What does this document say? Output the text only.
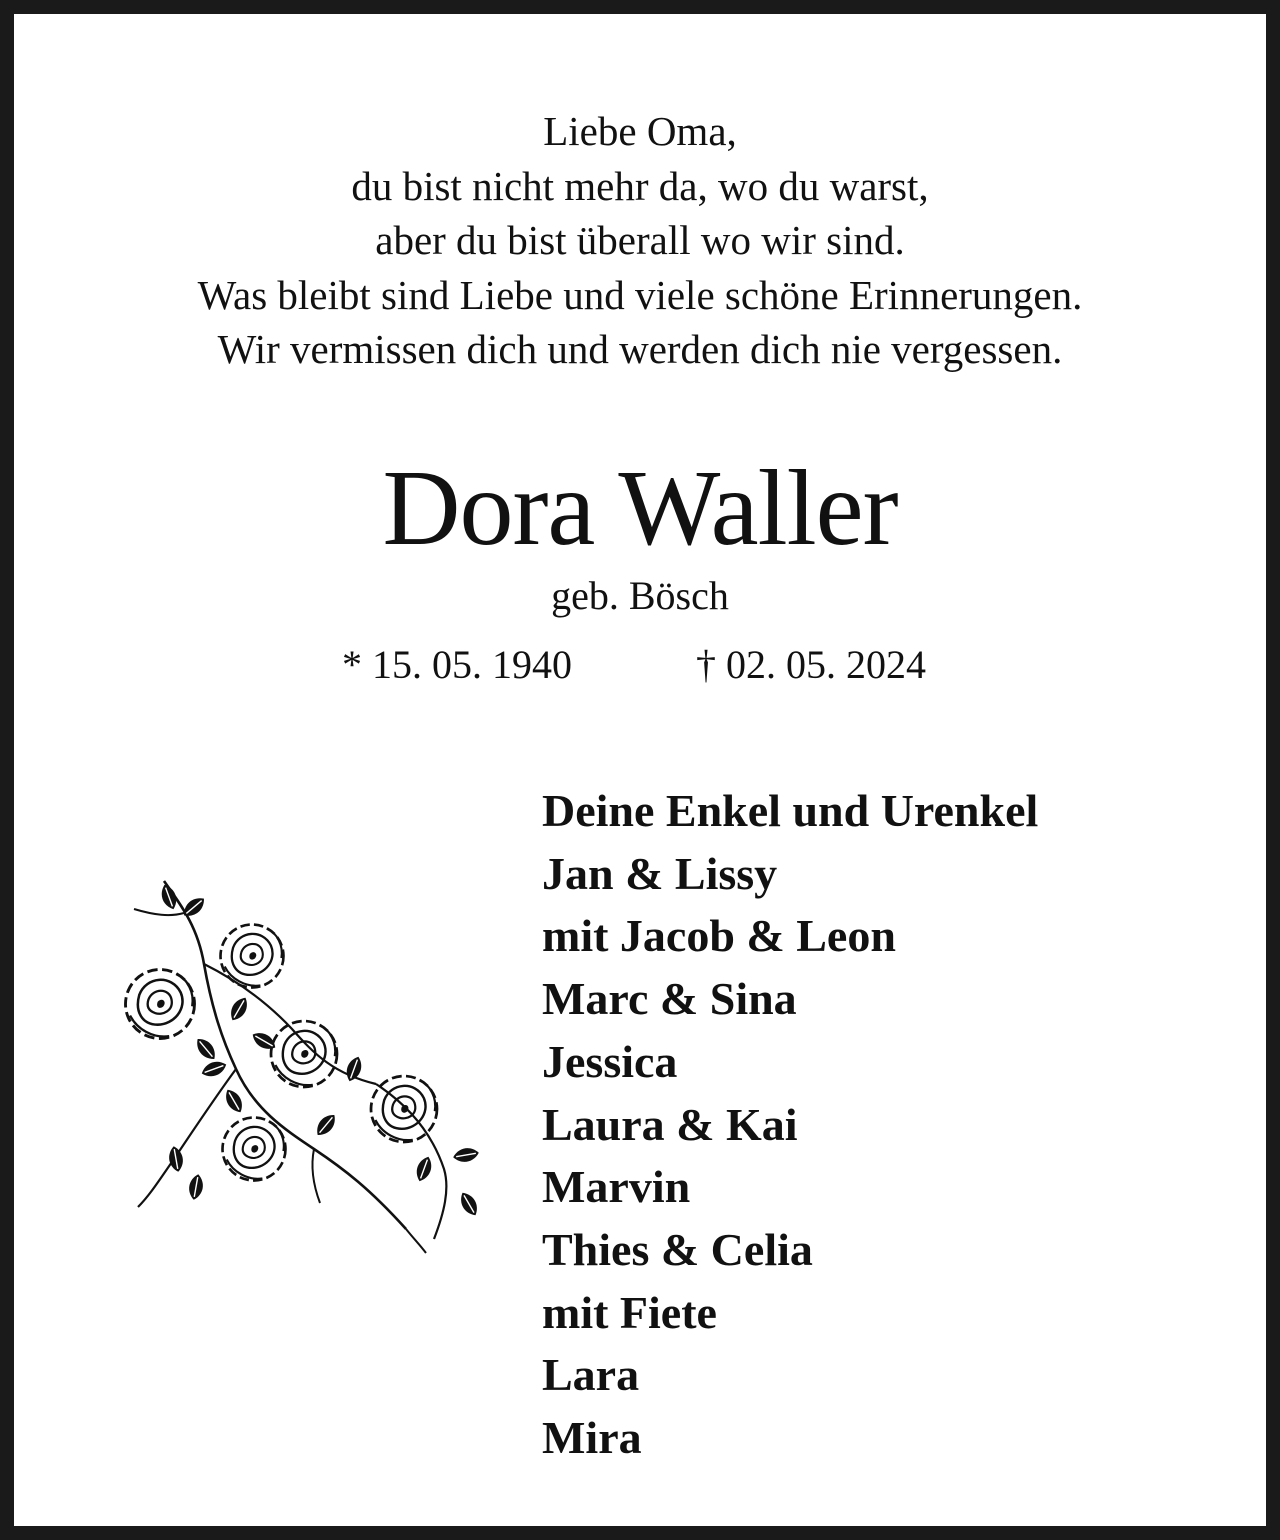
Liebe Oma,
du bist nicht mehr da, wo du warst,
aber du bist überall wo wir sind.
Was bleibt sind Liebe und viele schöne Erinnerungen.
Wir vermissen dich und werden dich nie vergessen.
Dora Waller
geb. Bösch
* 15. 05. 1940	† 02. 05. 2024
Deine Enkel und Urenkel
Jan & Lissy
mit Jacob & Leon
Marc & Sina
Jessica
Laura & Kai
Marvin
Thies & Celia
mit Fiete
Lara
Mira
